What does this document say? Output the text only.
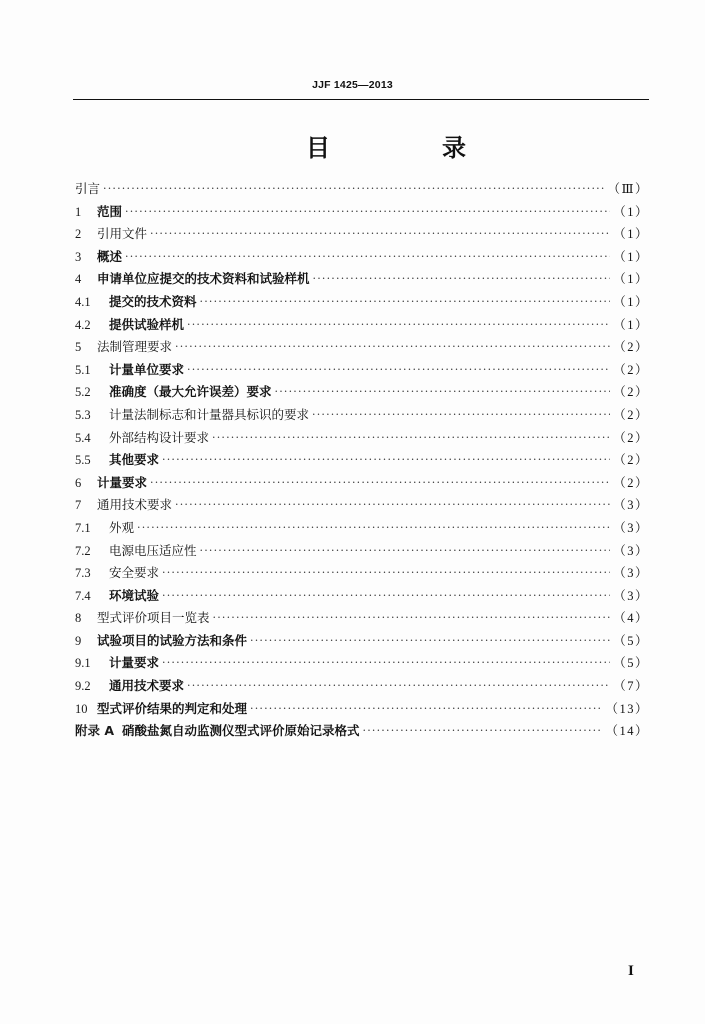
JJF 1425—2013
目　录
引言 ·····	（Ⅲ）
1	范围 ·····	（1）
2	引用文件 ·····	（1）
3	概述 ·····	（1）
4	申请单位应提交的技术资料和试验样机 ·····	（1）
4.1	提交的技术资料 ·····	（1）
4.2	提供试验样机 ·····	（1）
5	法制管理要求 ·····	（2）
5.1	计量单位要求 ·····	（2）
5.2	准确度（最大允许误差）要求 ·····	（2）
5.3	计量法制标志和计量器具标识的要求 ·····	（2）
5.4	外部结构设计要求 ·····	（2）
5.5	其他要求 ·····	（2）
6	计量要求 ·····	（2）
7	通用技术要求 ·····	（3）
7.1	外观 ·····	（3）
7.2	电源电压适应性 ·····	（3）
7.3	安全要求 ·····	（3）
7.4	环境试验 ·····	（3）
8	型式评价项目一览表 ·····	（4）
9	试验项目的试验方法和条件 ·····	（5）
9.1	计量要求 ·····	（5）
9.2	通用技术要求 ·····	（7）
10 型式评价结果的判定和处理 ·····	（13）
附录 A 硝酸盐氮自动监测仪型式评价原始记录格式 ·····	（14）
I
